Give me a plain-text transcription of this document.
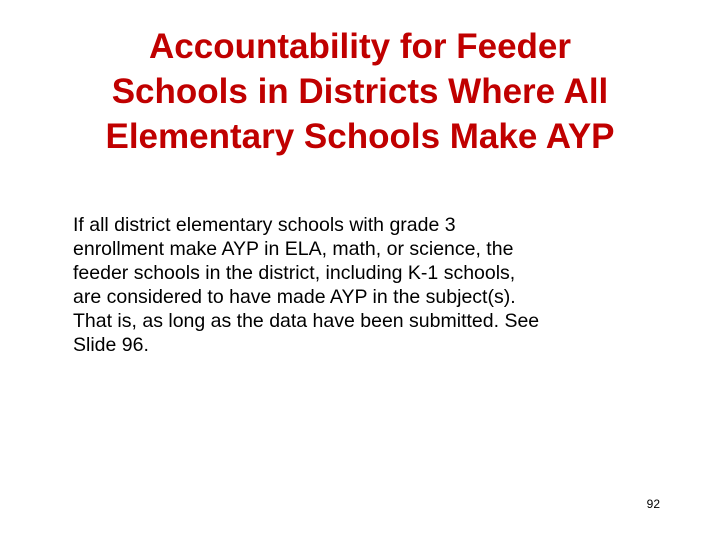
Accountability for Feeder
Schools in Districts Where All
Elementary Schools Make AYP

If all district elementary schools with grade 3
enrollment make AYP in ELA, math, or science, the
feeder schools in the district, including K-1 schools,
are considered to have made AYP in the subject(s).
That is, as long as the data have been submitted. See
Slide 96.

92
